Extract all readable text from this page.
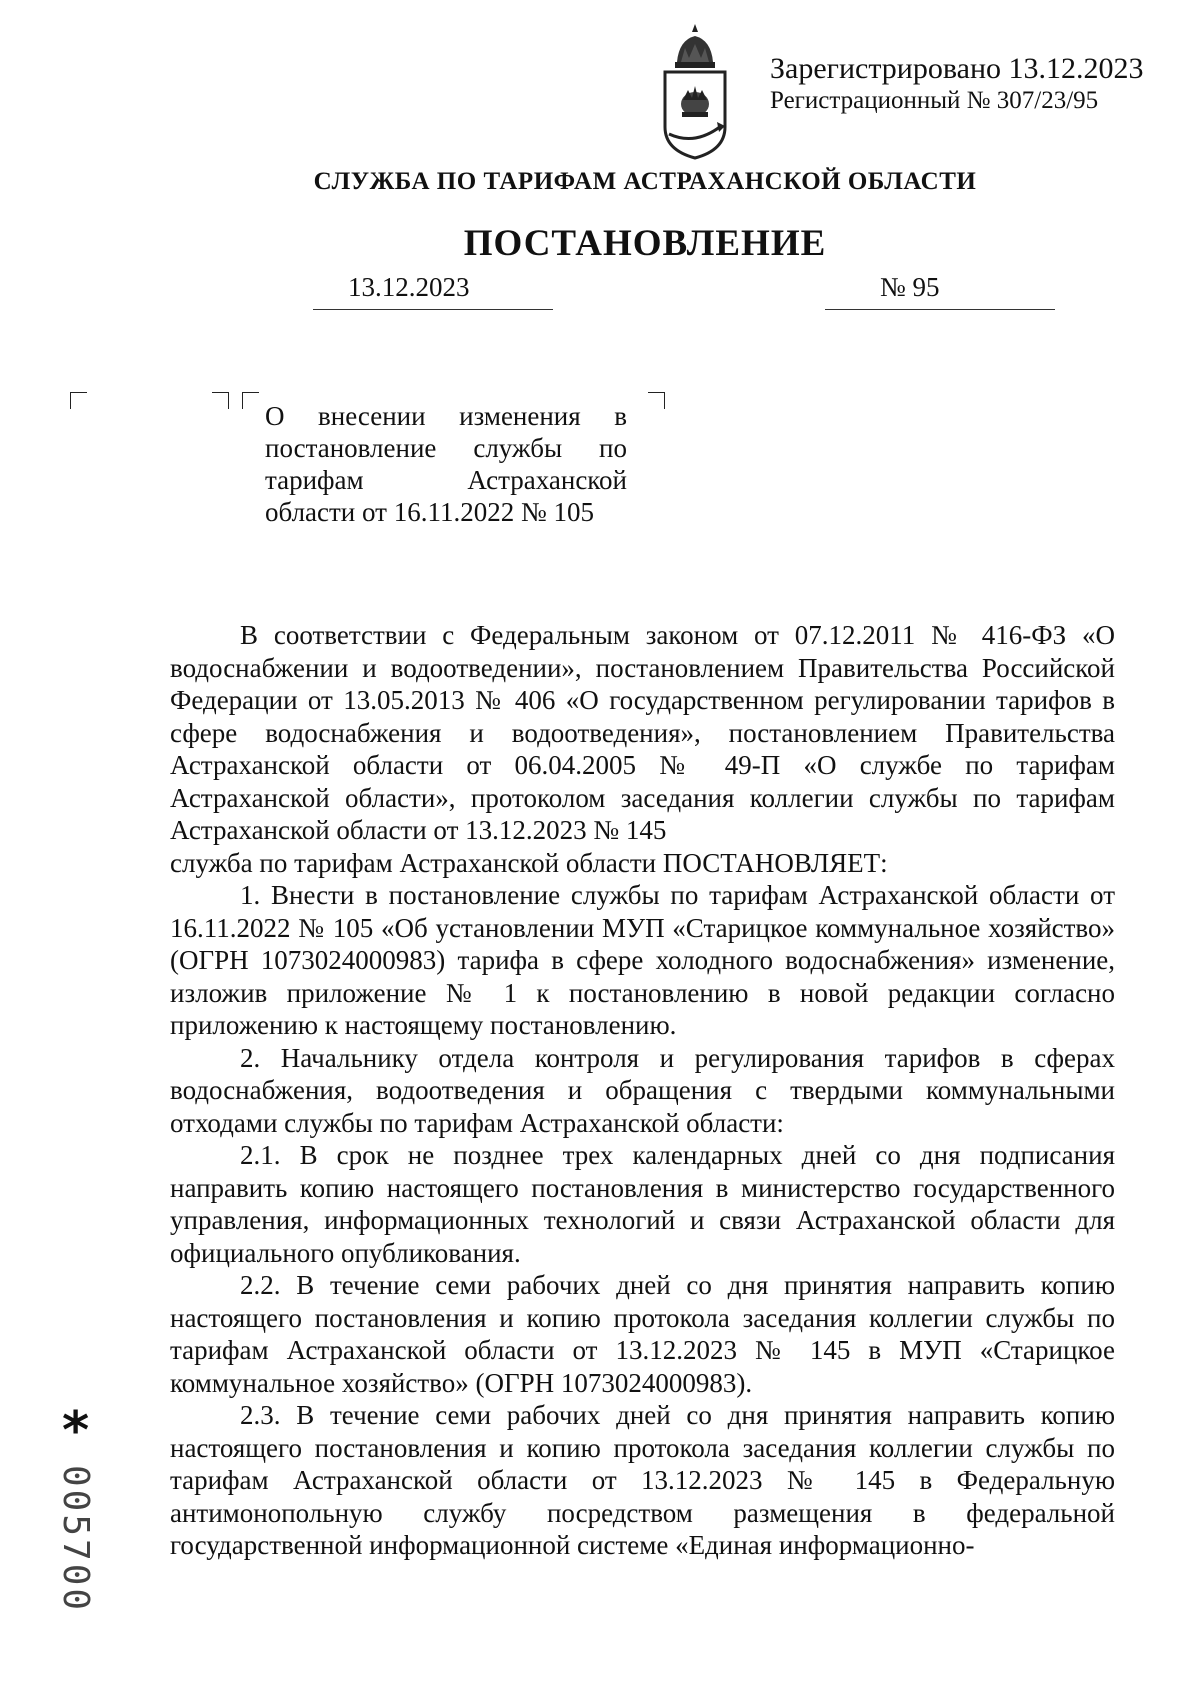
Зарегистрировано 13.12.2023
Регистрационный № 307/23/95
СЛУЖБА ПО ТАРИФАМ АСТРАХАНСКОЙ ОБЛАСТИ
ПОСТАНОВЛЕНИЕ
13.12.2023	№ 95
О внесении изменения в
постановление службы по
тарифам Астраханской
области от 16.11.2022 № 105

В соответствии с Федеральным законом от 07.12.2011 № 416-ФЗ «О водоснабжении и водоотведении», постановлением Правительства Российской Федерации от 13.05.2013 № 406 «О государственном регулировании тарифов в сфере водоснабжения и водоотведения», постановлением Правительства Астраханской области от 06.04.2005 № 49-П «О службе по тарифам Астраханской области», протоколом заседания коллегии службы по тарифам Астраханской области от 13.12.2023 № 145

служба по тарифам Астраханской области ПОСТАНОВЛЯЕТ:

1. Внести в постановление службы по тарифам Астраханской области от 16.11.2022 № 105 «Об установлении МУП «Старицкое коммунальное хозяйство» (ОГРН 1073024000983) тарифа в сфере холодного водоснабжения» изменение, изложив приложение № 1 к постановлению в новой редакции согласно приложению к настоящему постановлению.

2. Начальнику отдела контроля и регулирования тарифов в сферах водоснабжения, водоотведения и обращения с твердыми коммунальными отходами службы по тарифам Астраханской области:

2.1. В срок не позднее трех календарных дней со дня подписания направить копию настоящего постановления в министерство государственного управления, информационных технологий и связи Астраханской области для официального опубликования.

2.2. В течение семи рабочих дней со дня принятия направить копию настоящего постановления и копию протокола заседания коллегии службы по тарифам Астраханской области от 13.12.2023 № 145 в МУП «Старицкое коммунальное хозяйство» (ОГРН 1073024000983).

2.3. В течение семи рабочих дней со дня принятия направить копию настоящего постановления и копию протокола заседания коллегии службы по тарифам Астраханской области от 13.12.2023 № 145 в Федеральную антимонопольную службу посредством размещения в федеральной государственной информационной системе «Единая информационно-

*
005700
